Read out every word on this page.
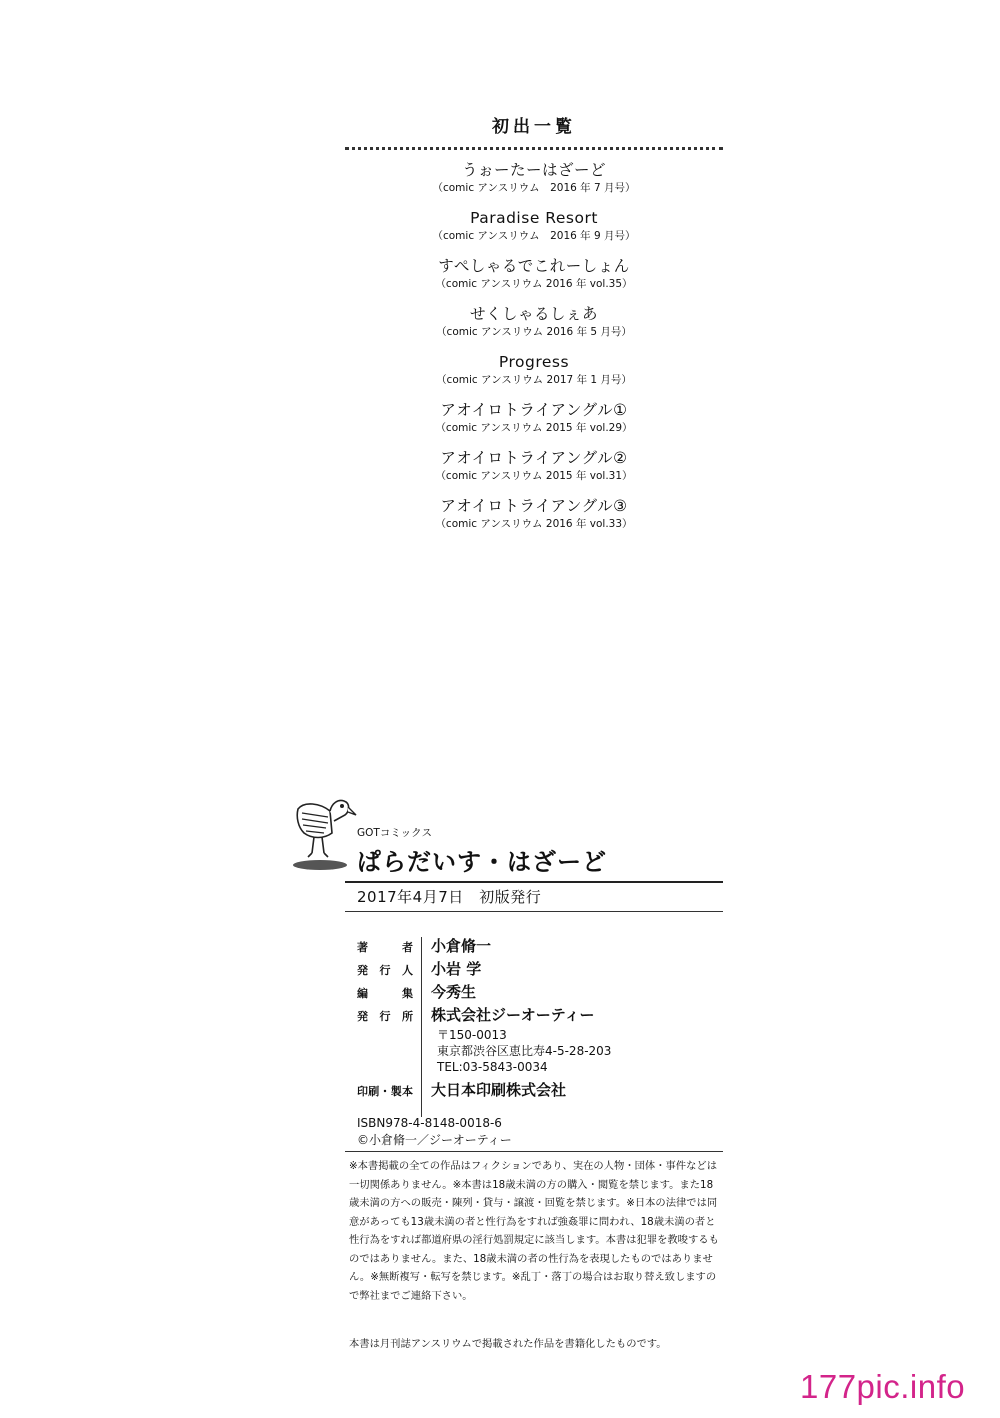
初出一覧
うぉーたーはざーど
（comic アンスリウム　2016 年 7 月号）
Paradise Resort
（comic アンスリウム　2016 年 9 月号）
すぺしゃるでこれーしょん
（comic アンスリウム 2016 年 vol.35）
せくしゃるしぇあ
（comic アンスリウム 2016 年 5 月号）
Progress
（comic アンスリウム 2017 年 1 月号）
アオイロトライアングル①
（comic アンスリウム 2015 年 vol.29）
アオイロトライアングル②
（comic アンスリウム 2015 年 vol.31）
アオイロトライアングル③
（comic アンスリウム 2016 年 vol.33）
GOTコミックス
ぱらだいす・はざーど
2017年4月7日　初版発行
著者 小倉脩一
発行人 小岩 学
編集 今秀生
発行所 株式会社ジーオーティー
〒150-0013
東京都渋谷区恵比寿4-5-28-203
TEL:03-5843-0034
印刷・製本 大日本印刷株式会社
ISBN978-4-8148-0018-6
©小倉脩一／ジーオーティー
※本書掲載の全ての作品はフィクションであり、実在の人物・団体・事件などは一切関係ありません。※本書は18歳未満の方の購入・閲覧を禁じます。また18歳未満の方への販売・陳列・貸与・譲渡・回覧を禁じます。※日本の法律では同意があっても13歳未満の者と性行為をすれば強姦罪に問われ、18歳未満の者と性行為をすれば都道府県の淫行処罰規定に該当します。本書は犯罪を教唆するものではありません。また、18歳未満の者の性行為を表現したものではありません。※無断複写・転写を禁じます。※乱丁・落丁の場合はお取り替え致しますので弊社までご連絡下さい。
本書は月刊誌アンスリウムで掲載された作品を書籍化したものです。
177pic.info
